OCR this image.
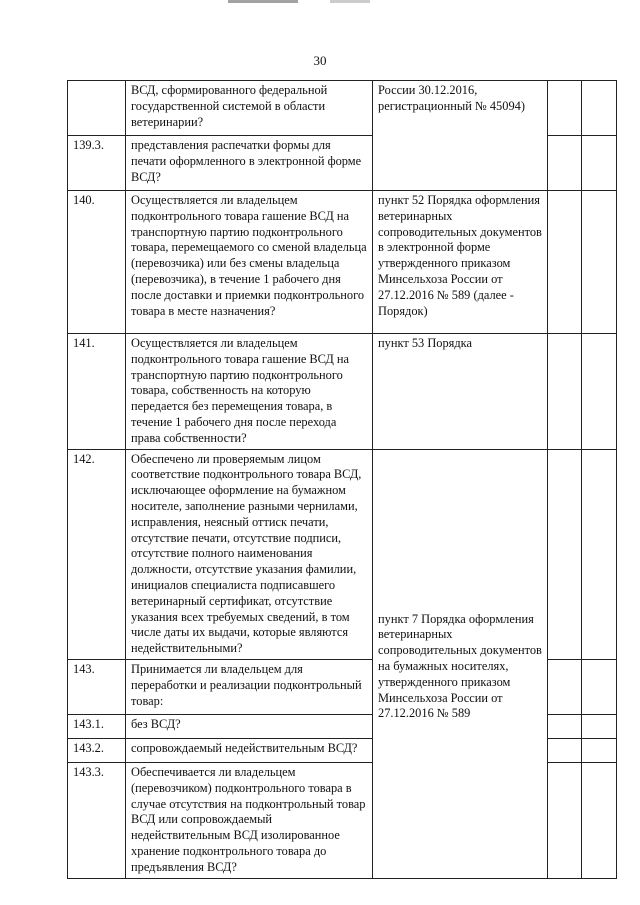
30
	ВСД, сформированного федеральной государственной системой в области ветеринарии?	России 30.12.2016, регистрационный № 45094)		
139.3.	представления распечатки формы для печати оформленного в электронной форме ВСД?			
140.	Осуществляется ли владельцем подконтрольного товара гашение ВСД на транспортную партию подконтрольного товара, перемещаемого со сменой владельца (перевозчика) или без смены владельца (перевозчика), в течение 1 рабочего дня после доставки и приемки подконтрольного товара в месте назначения?	пункт 52 Порядка оформления ветеринарных сопроводительных документов в электронной форме утвержденного приказом Минсельхоза России от 27.12.2016 № 589 (далее - Порядок)		
141.	Осуществляется ли владельцем подконтрольного товара гашение ВСД на транспортную партию подконтрольного товара, собственность на которую передается без перемещения товара, в течение 1 рабочего дня после перехода права собственности?	пункт 53 Порядка		
142.	Обеспечено ли проверяемым лицом соответствие подконтрольного товара ВСД, исключающее оформление на бумажном носителе, заполнение разными чернилами, исправления, неясный оттиск печати, отсутствие печати, отсутствие подписи, отсутствие полного наименования должности, отсутствие указания фамилии, инициалов специалиста подписавшего ветеринарный сертификат, отсутствие указания всех требуемых сведений, в том числе даты их выдачи, которые являются недействительными?	пункт 7 Порядка оформления ветеринарных сопроводительных документов на бумажных носителях, утвержденного приказом Минсельхоза России от 27.12.2016 № 589		

143.	Принимается ли владельцем для переработки и реализации подконтрольный товар:			
143.1.	без ВСД?			
143.2.	сопровождаемый недействительным ВСД?			
143.3.	Обеспечивается ли владельцем (перевозчиком) подконтрольного товара в случае отсутствия на подконтрольный товар ВСД или сопровождаемый недействительным ВСД изолированное хранение подконтрольного товара до предъявления ВСД?			
